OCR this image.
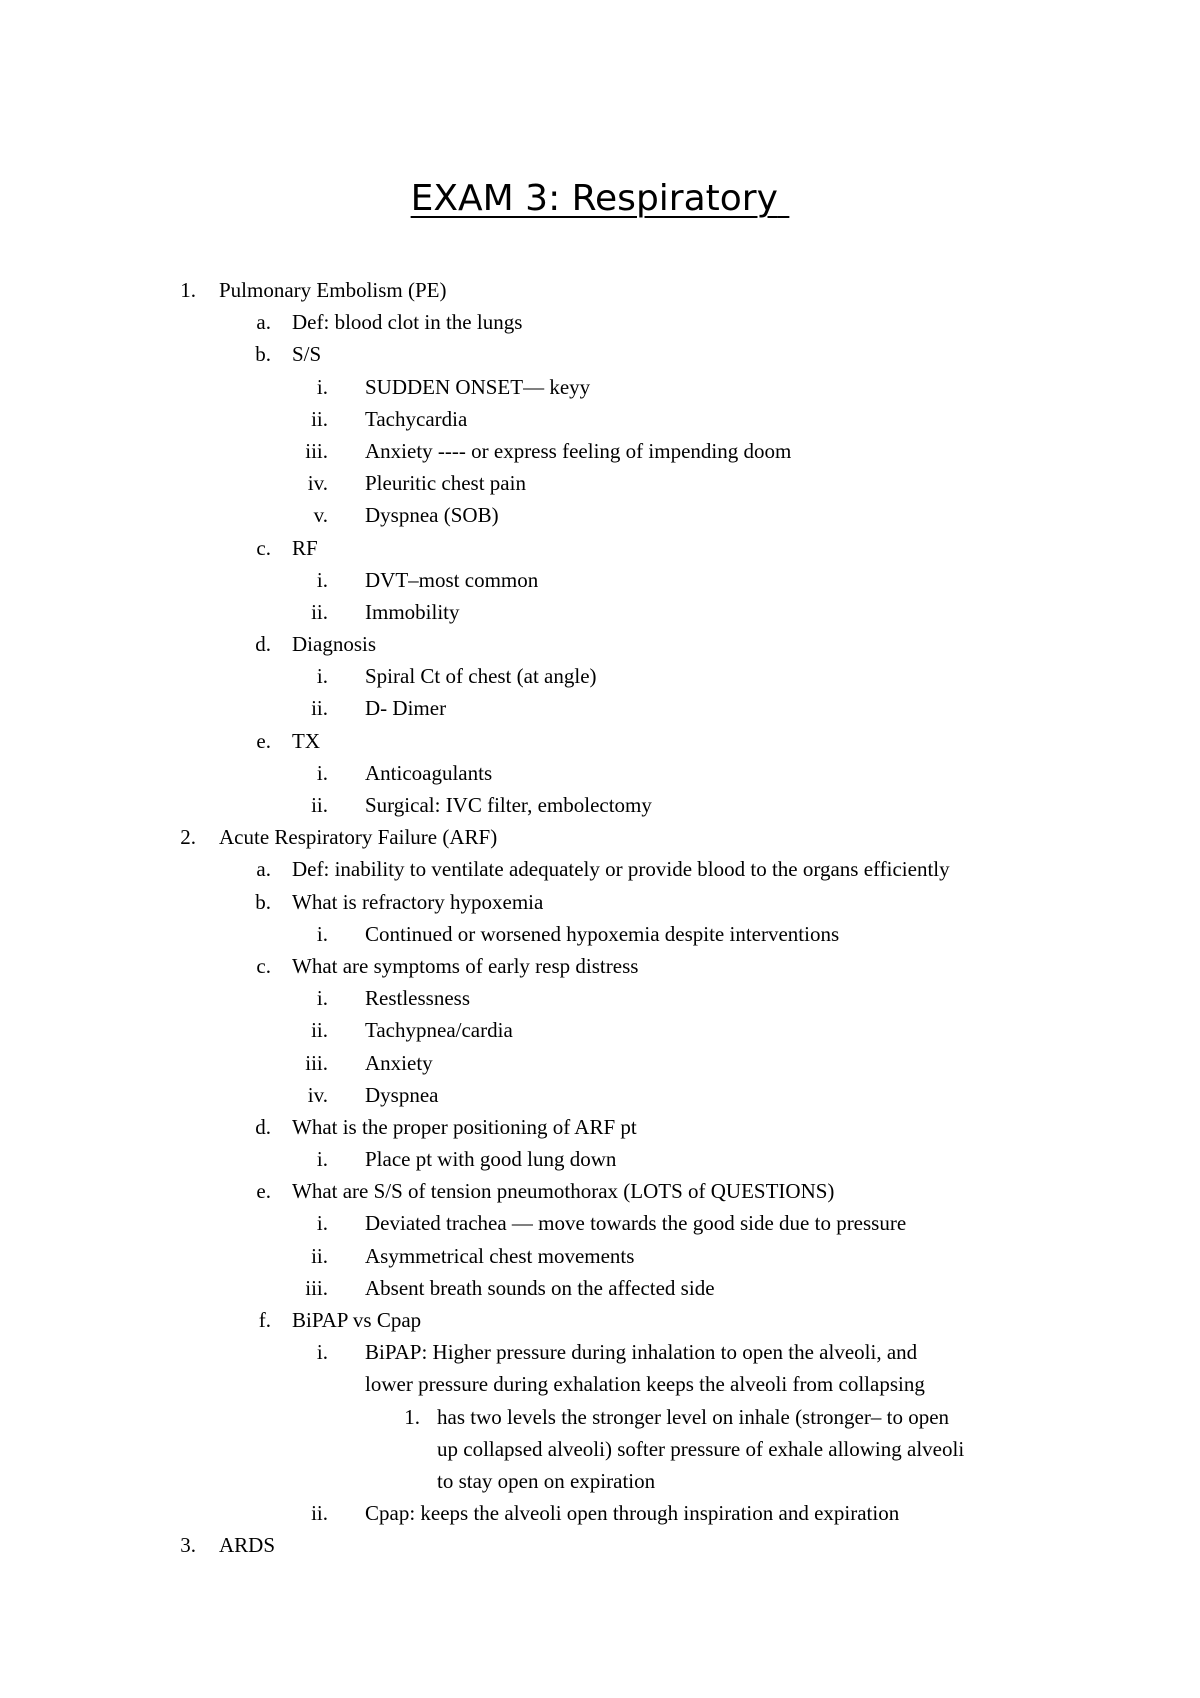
EXAM 3: Respiratory
1. Pulmonary Embolism (PE)
a. Def: blood clot in the lungs
b. S/S
i. SUDDEN ONSET— keyy
ii. Tachycardia
iii. Anxiety ---- or express feeling of impending doom
iv. Pleuritic chest pain
v. Dyspnea (SOB)
c. RF
i. DVT–most common
ii. Immobility
d. Diagnosis
i. Spiral Ct of chest (at angle)
ii. D- Dimer
e. TX
i. Anticoagulants
ii. Surgical: IVC filter, embolectomy
2. Acute Respiratory Failure (ARF)
a. Def: inability to ventilate adequately or provide blood to the organs efficiently
b. What is refractory hypoxemia
i. Continued or worsened hypoxemia despite interventions
c. What are symptoms of early resp distress
i. Restlessness
ii. Tachypnea/cardia
iii. Anxiety
iv. Dyspnea
d. What is the proper positioning of ARF pt
i. Place pt with good lung down
e. What are S/S of tension pneumothorax (LOTS of QUESTIONS)
i. Deviated trachea — move towards the good side due to pressure
ii. Asymmetrical chest movements
iii. Absent breath sounds on the affected side
f. BiPAP vs Cpap
i. BiPAP: Higher pressure during inhalation to open the alveoli, and
lower pressure during exhalation keeps the alveoli from collapsing
1. has two levels the stronger level on inhale (stronger– to open
up collapsed alveoli) softer pressure of exhale allowing alveoli
to stay open on expiration
ii. Cpap: keeps the alveoli open through inspiration and expiration
3. ARDS
